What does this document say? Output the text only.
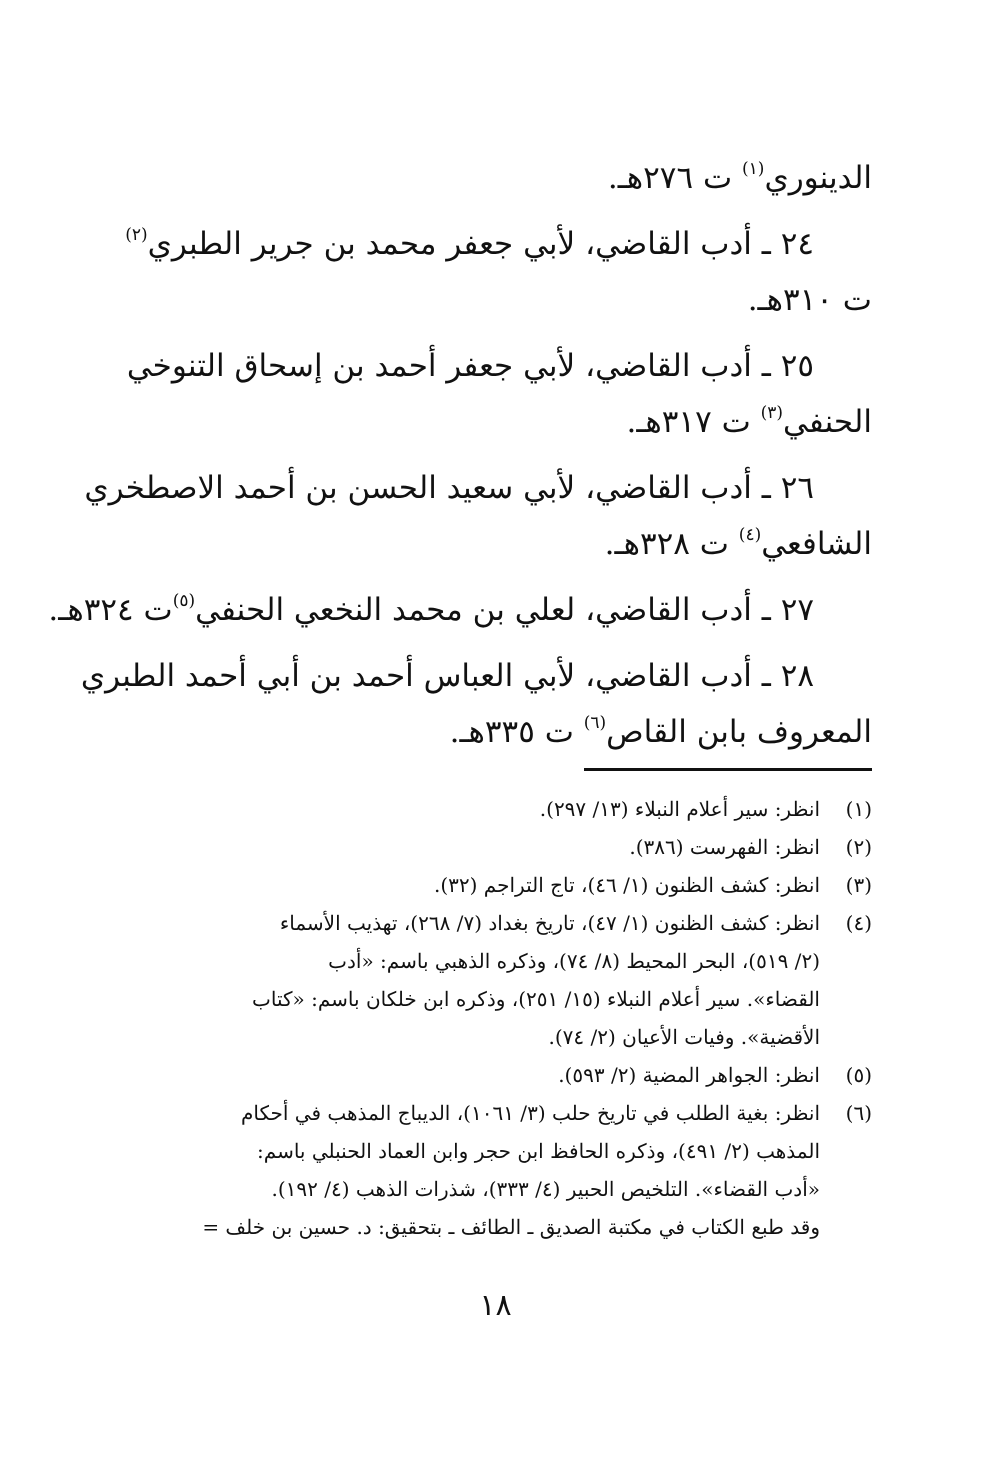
الدينوري$^{(١)}$ ت ٢٧٦هـ.
٢٤ ـ أدب القاضي، لأبي جعفر محمد بن جرير الطبري$^{(٢)}$
ت ٣١٠هـ.
٢٥ ـ أدب القاضي، لأبي جعفر أحمد بن إسحاق التنوخي
الحنفي$^{(٣)}$ ت ٣١٧هـ.
٢٦ ـ أدب القاضي، لأبي سعيد الحسن بن أحمد الاصطخري
الشافعي$^{(٤)}$ ت ٣٢٨هـ.
٢٧ ـ أدب القاضي، لعلي بن محمد النخعي الحنفي$^{(٥)}$ت ٣٢٤هـ.
٢٨ ـ أدب القاضي، لأبي العباس أحمد بن أبي أحمد الطبري
المعروف بابن القاص$^{(٦)}$ ت ٣٣٥هـ.
(١)
انظر: سير أعلام النبلاء (١٣/ ٢٩٧).
(٢)
انظر: الفهرست (٣٨٦).
(٣)
انظر: كشف الظنون (١/ ٤٦)، تاج التراجم (٣٢).
(٤)
انظر: كشف الظنون (١/ ٤٧)، تاريخ بغداد (٧/ ٢٦٨)، تهذيب الأسماء
(٢/ ٥١٩)، البحر المحيط (٨/ ٧٤)، وذكره الذهبي باسم: «أدب
القضاء». سير أعلام النبلاء (١٥/ ٢٥١)، وذكره ابن خلكان باسم: «كتاب
الأقضية». وفيات الأعيان (٢/ ٧٤).
(٥)
انظر: الجواهر المضية (٢/ ٥٩٣).
(٦)
انظر: بغية الطلب في تاريخ حلب (٣/ ١٠٦١)، الديباج المذهب في أحكام
المذهب (٢/ ٤٩١)، وذكره الحافظ ابن حجر وابن العماد الحنبلي باسم:
«أدب القضاء». التلخيص الحبير (٤/ ٣٣٣)، شذرات الذهب (٤/ ١٩٢).
وقد طبع الكتاب في مكتبة الصديق ـ الطائف ـ بتحقيق: د. حسين بن خلف =
١٨
